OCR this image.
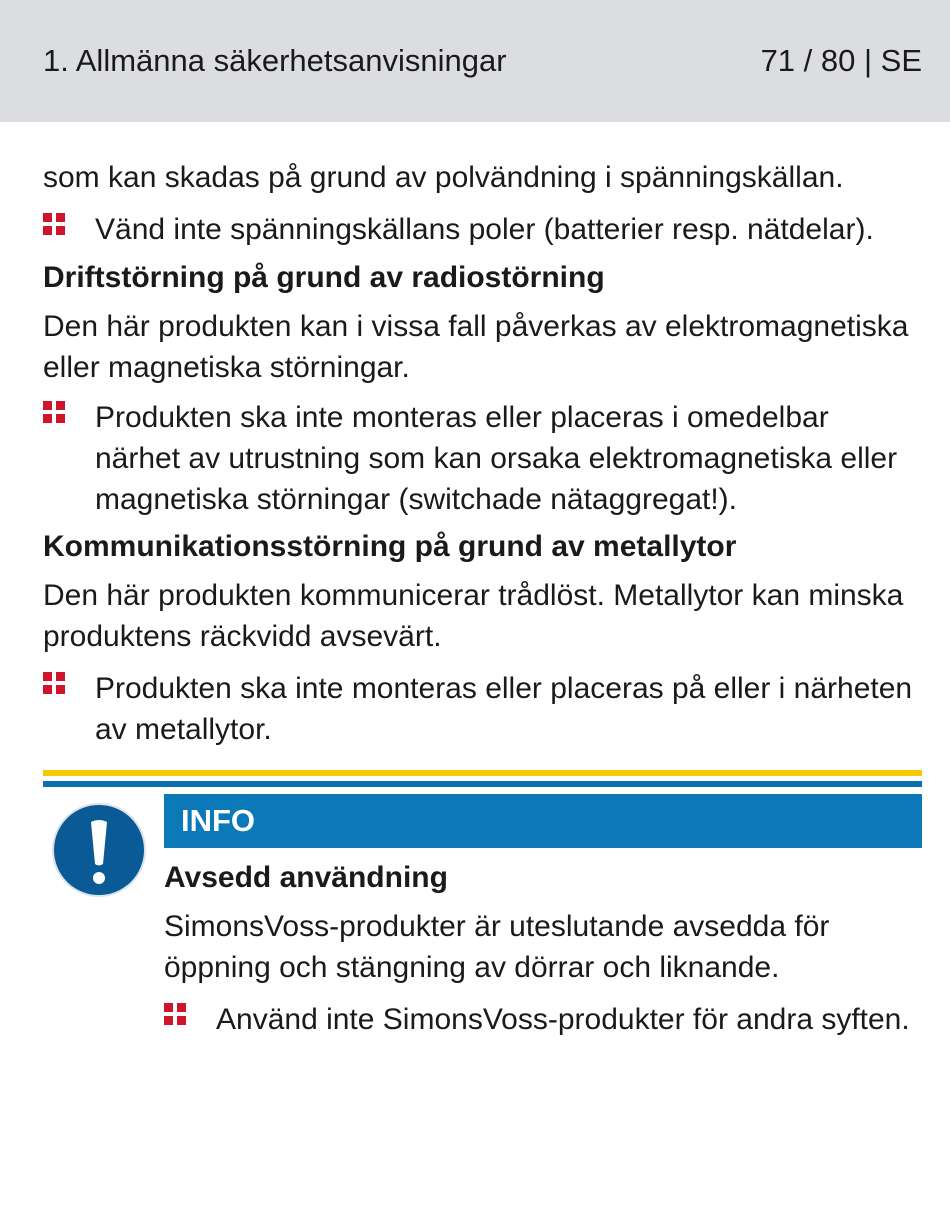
1. Allmänna säkerhetsanvisningar	71 / 80 | SE

som kan skadas på grund av polvändning i spänningskällan.

Vänd inte spänningskällans poler (batterier resp. nätdelar).
Driftstörning på grund av radiostörning

Den här produkten kan i vissa fall påverkas av elektromagnetiska eller magnetiska störningar.

Produkten ska inte monteras eller placeras i omedelbar närhet av utrustning som kan orsaka elektromagnetiska eller magnetiska störningar (switchade nätaggregat!).
Kommunikationsstörning på grund av metallytor

Den här produkten kommunicerar trådlöst. Metallytor kan minska produktens räckvidd avsevärt.

Produkten ska inte monteras eller placeras på eller i närheten av metallytor.
INFO
Avsedd användning

SimonsVoss-produkter är uteslutande avsedda för öppning och stängning av dörrar och liknande.

Använd inte SimonsVoss-produkter för andra syften.
